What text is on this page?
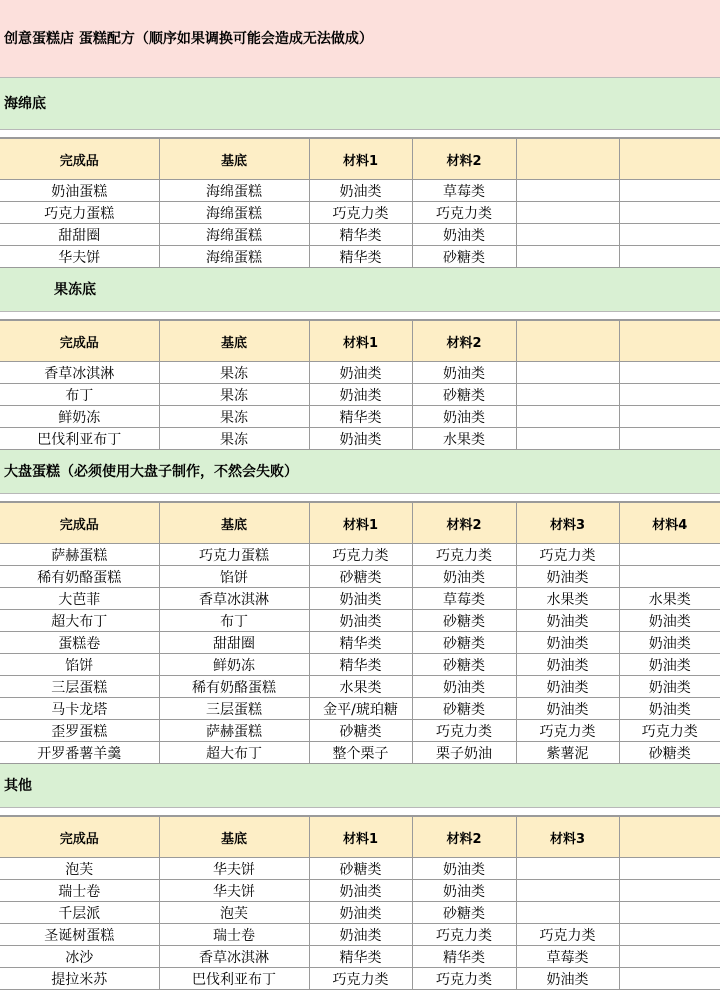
创意蛋糕店 蛋糕配方（顺序如果调换可能会造成无法做成）
海绵底
完成品	基底	材料1	材料2		
奶油蛋糕	海绵蛋糕	奶油类	草莓类		
巧克力蛋糕	海绵蛋糕	巧克力类	巧克力类		
甜甜圈	海绵蛋糕	精华类	奶油类		
华夫饼	海绵蛋糕	精华类	砂糖类		
果冻底
完成品	基底	材料1	材料2		
香草冰淇淋	果冻	奶油类	奶油类		
布丁	果冻	奶油类	砂糖类		
鲜奶冻	果冻	精华类	奶油类		
巴伐利亚布丁	果冻	奶油类	水果类		
大盘蛋糕（必须使用大盘子制作，不然会失败）
完成品	基底	材料1	材料2	材料3	材料4
萨赫蛋糕	巧克力蛋糕	巧克力类	巧克力类	巧克力类	
稀有奶酪蛋糕	馅饼	砂糖类	奶油类	奶油类	
大芭菲	香草冰淇淋	奶油类	草莓类	水果类	水果类
超大布丁	布丁	奶油类	砂糖类	奶油类	奶油类
蛋糕卷	甜甜圈	精华类	砂糖类	奶油类	奶油类
馅饼	鲜奶冻	精华类	砂糖类	奶油类	奶油类
三层蛋糕	稀有奶酪蛋糕	水果类	奶油类	奶油类	奶油类
马卡龙塔	三层蛋糕	金平/琥珀糖	砂糖类	奶油类	奶油类
歪罗蛋糕	萨赫蛋糕	砂糖类	巧克力类	巧克力类	巧克力类
开罗番薯羊羹	超大布丁	整个栗子	栗子奶油	紫薯泥	砂糖类
其他
完成品	基底	材料1	材料2	材料3	
泡芙	华夫饼	砂糖类	奶油类		
瑞士卷	华夫饼	奶油类	奶油类		
千层派	泡芙	奶油类	砂糖类		
圣诞树蛋糕	瑞士卷	奶油类	巧克力类	巧克力类	
冰沙	香草冰淇淋	精华类	精华类	草莓类	
提拉米苏	巴伐利亚布丁	巧克力类	巧克力类	奶油类	
